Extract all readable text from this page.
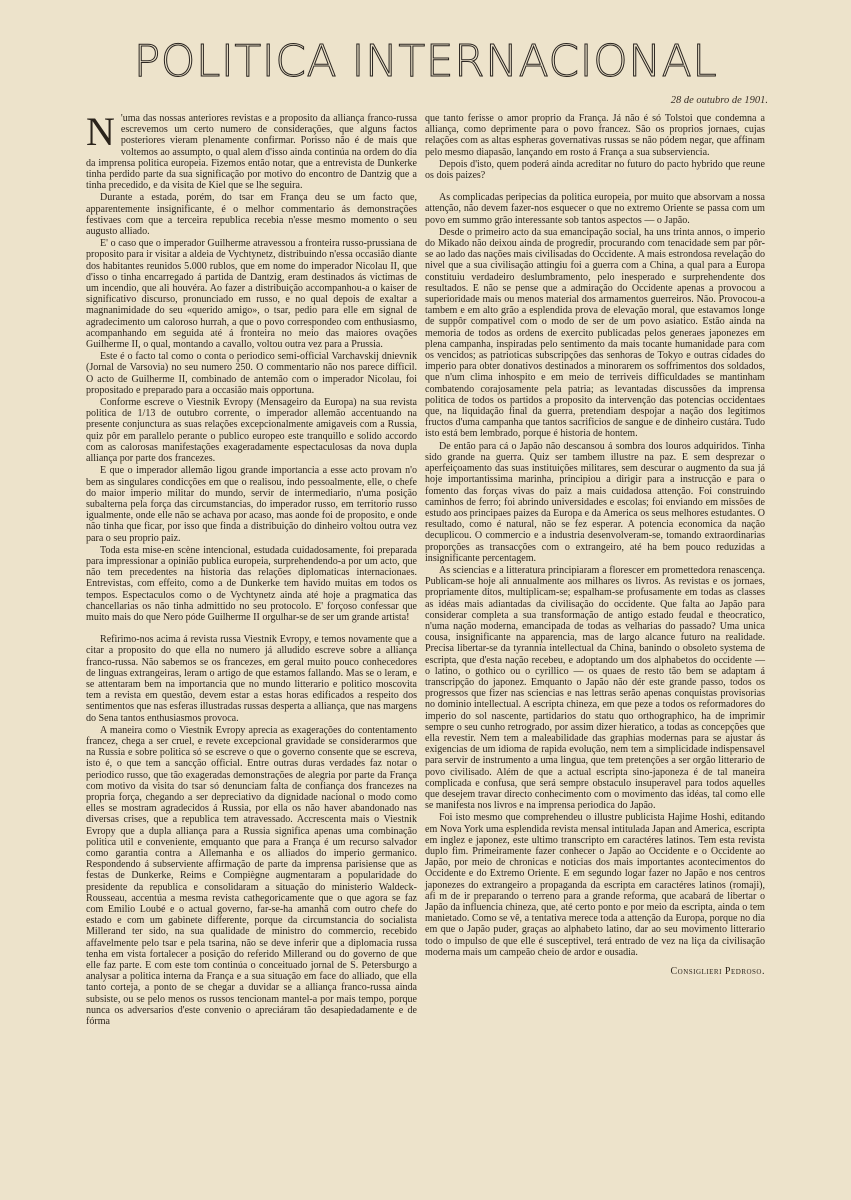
POLITICA INTERNACIONAL
28 de outubro de 1901.

N 'uma das nossas anteriores revistas e a proposito da alliança franco-russa escrevemos um certo numero de considerações, que alguns factos posteriores vieram plenamente confirmar. Porisso não é de mais que voltemos ao assumpto, o qual alem d'isso ainda continúa na ordem do dia da imprensa politica europeia. Fizemos então notar, que a entrevista de Dunkerke tinha perdido parte da sua significação por motivo do encontro de Dantzig que a tinha precedido, e da visita de Kiel que se lhe seguira.

Durante a estada, porém, do tsar em França deu se um facto que, apparentemente insignificante, é o melhor commentario ás demonstrações festivaes com que a terceira republica recebia n'esse mesmo momento o seu augusto alliado.

E' o caso que o imperador Guilherme atravessou a fronteira russo-prussiana de proposito para ir visitar a aldeia de Vychtynetz, distribuindo n'essa occasião diante dos habitantes reunidos 5.000 rublos, que em nome do imperador Nicolau II, que d'isso o tinha encarregado á partida de Dantzig, eram destinados ás victimas de um incendio, que ali houvéra. Ao fazer a distribuição accompanhou-a o kaiser de significativo discurso, pronunciado em russo, e no qual depois de exaltar a magnanimidade do seu «querido amigo», o tsar, pedio para elle em signal de agradecimento um caloroso hurrah, a que o povo correspondeo com enthusiasmo, acompanhando em seguida até á fronteira no meio das maiores ovações Guilherme II, o qual, montando a cavallo, voltou outra vez para a Prussia.

Este é o facto tal como o conta o periodico semi-official Varchavskij dnievnik (Jornal de Varsovia) no seu numero 250. O commentario não nos parece difficil. O acto de Guilherme II, combinado de antemão com o imperador Nicolau, foi propositado e preparado para a occasião mais opportuna.

Conforme escreve o Viestnik Evropy (Mensageiro da Europa) na sua revista politica de 1/13 de outubro corrente, o imperador allemão accentuando na presente conjunctura as suas relações excepcionalmente amigaveis com a Russia, quiz pôr em parallelo perante o publico europeo este tranquillo e solido accordo com as calorosas manifestações exageradamente espectaculosas da nova dupla alliança por parte dos francezes.

E que o imperador allemão ligou grande importancia a esse acto provam n'o bem as singulares condicções em que o realisou, indo pessoalmente, elle, o chefe do maior imperio militar do mundo, servir de intermediario, n'uma posição subalterna pela força das circumstancias, do imperador russo, em territorio russo igualmente, onde elle não se achava por acaso, mas aonde foi de proposito, e onde não tinha que ficar, por isso que finda a distribuição do dinheiro voltou outra vez para o seu proprio paiz.

Toda esta mise-en scène intencional, estudada cuidadosamente, foi preparada para impressionar a opinião publica europeia, surprehendendo-a por um acto, que não tem precedentes na historia das relações diplomaticas internacionaes. Entrevistas, com effeito, como a de Dunkerke tem havido muitas em todos os tempos. Espectaculos como o de Vychtynetz ainda até hoje a pragmatica das chancellarias os não tinha admittido no seu protocolo. E' forçoso confessar que muito mais do que Nero póde Guilherme II orgulhar-se de ser um grande artista!

Refirimo-nos acima á revista russa Viestnik Evropy, e temos novamente que a citar a proposito do que ella no numero já alludido escreve sobre a alliança franco-russa. Não sabemos se os francezes, em geral muito pouco conhecedores de linguas extrangeiras, leram o artigo de que estamos fallando. Mas se o leram, e se attentaram bem na importancia que no mundo litterario e politico moscovita tem a revista em questão, devem estar a estas horas edificados a respeito dos sentimentos que nas esferas illustradas russas desperta a alliança, que nas margens do Sena tantos enthusiasmos provoca.

A maneira como o Viestnik Evropy aprecia as exagerações do contentamento francez, chega a ser cruel, e revete excepcional gravidade se considerarmos que na Russia e sobre politica só se escreve o que o governo consente que se escreva, isto é, o que tem a sancção official. Entre outras duras verdades faz notar o periodico russo, que tão exageradas demonstrações de alegria por parte da França com motivo da visita do tsar só denunciam falta de confiança dos francezes na propria força, chegando a ser depreciativo da dignidade nacional o modo como elles se mostram agradecidos á Russia, por ella os não haver abandonado nas diversas crises, que a republica tem atravessado. Accrescenta mais o Viestnik Evropy que a dupla alliança para a Russia significa apenas uma combinação politica util e conveniente, emquanto que para a França é um recurso salvador como garantia contra a Allemanha e os alliados do imperio germanico. Respondendo á subserviente affirmação de parte da imprensa parisiense que as festas de Dunkerke, Reims e Compiègne augmentaram a popularidade do presidente da republica e consolidaram a situação do ministerio Waldeck-Rousseau, accentúa a mesma revista cathegoricamente que o que agora se faz com Emilio Loubé e o actual governo, far-se-ha amanhã com outro chefe do estado e com um gabinete differente, porque da circumstancia do socialista Millerand ter sido, na sua qualidade de ministro do commercio, recebido affavelmente pelo tsar e pela tsarina, não se deve inferir que a diplomacia russa tenha em vista fortalecer a posição do referido Millerand ou do governo de que elle faz parte. E com este tom continúa o conceituado jornal de S. Petersburgo a analysar a politica interna da França e a sua situação em face do alliado, que ella tanto corteja, a ponto de se chegar a duvidar se a alliança franco-russa ainda subsiste, ou se pelo menos os russos tencionam mantel-a por mais tempo, porque nunca os adversarios d'este convenio o apreciáram tão desapiedadamente e de fórma

que tanto ferisse o amor proprio da França. Já não é só Tolstoi que condemna a alliança, como deprimente para o povo francez. São os proprios jornaes, cujas relações com as altas espheras governativas russas se não pódem negar, que affinam pelo mesmo diapasão, lançando em rosto á França a sua subserviencia.

Depois d'isto, quem poderá ainda acreditar no futuro do pacto hybrido que reune os dois paizes?

As complicadas peripecias da politica europeia, por muito que absorvam a nossa attenção, não devem fazer-nos esquecer o que no extremo Oriente se passa com um povo em summo grão interessante sob tantos aspectos — o Japão.

Desde o primeiro acto da sua emancipação social, ha uns trinta annos, o imperio do Mikado não deixou ainda de progredir, procurando com tenacidade sem par pôr-se ao lado das nações mais civilisadas do Occidente. A mais estrondosa revelação do nivel que a sua civilisação attingiu foi a guerra com a China, a qual para a Europa constituiu verdadeiro deslumbramento, pelo inesperado e surprehendente dos resultados. E não se pense que a admiração do Occidente apenas a provocou a superioridade mais ou menos material dos armamentos guerreiros. Não. Provocou-a tambem e em alto grão a esplendida prova de elevação moral, que estavamos longe de suppôr compativel com o modo de ser de um povo asiatico. Estão ainda na memoria de todos as ordens de exercito publicadas pelos generaes japonezes em plena campanha, inspiradas pelo sentimento da mais tocante humanidade para com os vencidos; as patrioticas subscripções das senhoras de Tokyo e outras cidades do imperio para obter donativos destinados a minorarem os soffrimentos dos soldados, que n'um clima inhospito e em meio de terriveis difficuldades se mantinham combatendo corajosamente pela patria; as levantadas discussões da imprensa politica de todos os partidos a proposito da intervenção das potencias occidentaes que, na liquidação final da guerra, pretendiam despojar a nação dos legitimos fructos d'uma campanha que tantos sacrificios de sangue e de dinheiro custára. Tudo isto está bem lembrado, porque é historia de hontem.

De então para cá o Japão não descansou á sombra dos louros adquiridos. Tinha sido grande na guerra. Quiz ser tambem illustre na paz. E sem desprezar o aperfeiçoamento das suas instituições militares, sem descurar o augmento da sua já hoje importantissima marinha, principiou a dirigir para a instrucção e para o fomento das forças vivas do paiz a mais cuidadosa attenção. Foi construindo caminhos de ferro; foi abrindo universidades e escolas; foi enviando em missões de estudo aos principaes paizes da Europa e da America os seus melhores estudantes. O resultado, como é natural, não se fez esperar. A potencia economica da nação decuplicou. O commercio e a industria desenvolveram-se, tomando extraordinarias proporções as transacções com o extrangeiro, até ha bem pouco reduzidas a insignificante percentagem.

As sciencias e a litteratura principiaram a florescer em promettedora renascença. Publicam-se hoje ali annualmente aos milhares os livros. As revistas e os jornaes, propriamente ditos, multiplicam-se; espalham-se profusamente em todas as classes as idéas mais adiantadas da civilisação do occidente. Que falta ao Japão para considerar completa a sua transformação de antigo estado feudal e theocratico, n'uma nação moderna, emancipada de todas as velharias do passado? Uma unica cousa, insignificante na apparencia, mas de largo alcance futuro na realidade. Precisa libertar-se da tyrannia intellectual da China, banindo o obsoleto systema de escripta, que d'esta nação recebeu, e adoptando um dos alphabetos do occidente — o latino, o gothico ou o cyrillico — os quaes de resto tão bem se adaptam á transcripção do japonez. Emquanto o Japão não dér este grande passo, todos os progressos que fizer nas sciencias e nas lettras serão apenas conquistas provisorias no dominio intellectual. A escripta chineza, em que peze a todos os reformadores do imperio do sol nascente, partidarios do statu quo orthographico, ha de imprimir sempre o seu cunho retrogrado, por assim dizer hieratico, a todas as concepções que ella revestir. Nem tem a maleabilidade das graphias modernas para se ajustar ás exigencias de um idioma de rapida evolução, nem tem a simplicidade indispensavel para servir de instrumento a uma lingua, que tem pretenções a ser orgão litterario de povo civilisado. Além de que a actual escripta sino-japoneza é de tal maneira complicada e confusa, que será sempre obstaculo insuperavel para todos aquelles que desejem travar directo conhecimento com o movimento das idéas, tal como elle se manifesta nos livros e na imprensa periodica do Japão.

Foi isto mesmo que comprehendeu o illustre publicista Hajime Hoshi, editando em Nova York uma esplendida revista mensal intitulada Japan and America, escripta em inglez e japonez, este ultimo transcripto em caractéres latinos. Tem esta revista duplo fim. Primeiramente fazer conhecer o Japão ao Occidente e o Occidente ao Japão, por meio de chronicas e noticias dos mais importantes acontecimentos do Occidente e do Extremo Oriente. E em segundo logar fazer no Japão e nos centros japonezes do extrangeiro a propaganda da escripta em caractéres latinos (romaji), afi m de ir preparando o terreno para a grande reforma, que acabará de libertar o Japão da influencia chineza, que, até certo ponto e por meio da escripta, ainda o tem manietado. Como se vê, a tentativa merece toda a attenção da Europa, porque no dia em que o Japão puder, graças ao alphabeto latino, dar ao seu movimento litterario todo o impulso de que elle é susceptivel, terá entrado de vez na liça da civilisação moderna mais um campeão cheio de ardor e ousadia.

Consiglieri Pedroso.
